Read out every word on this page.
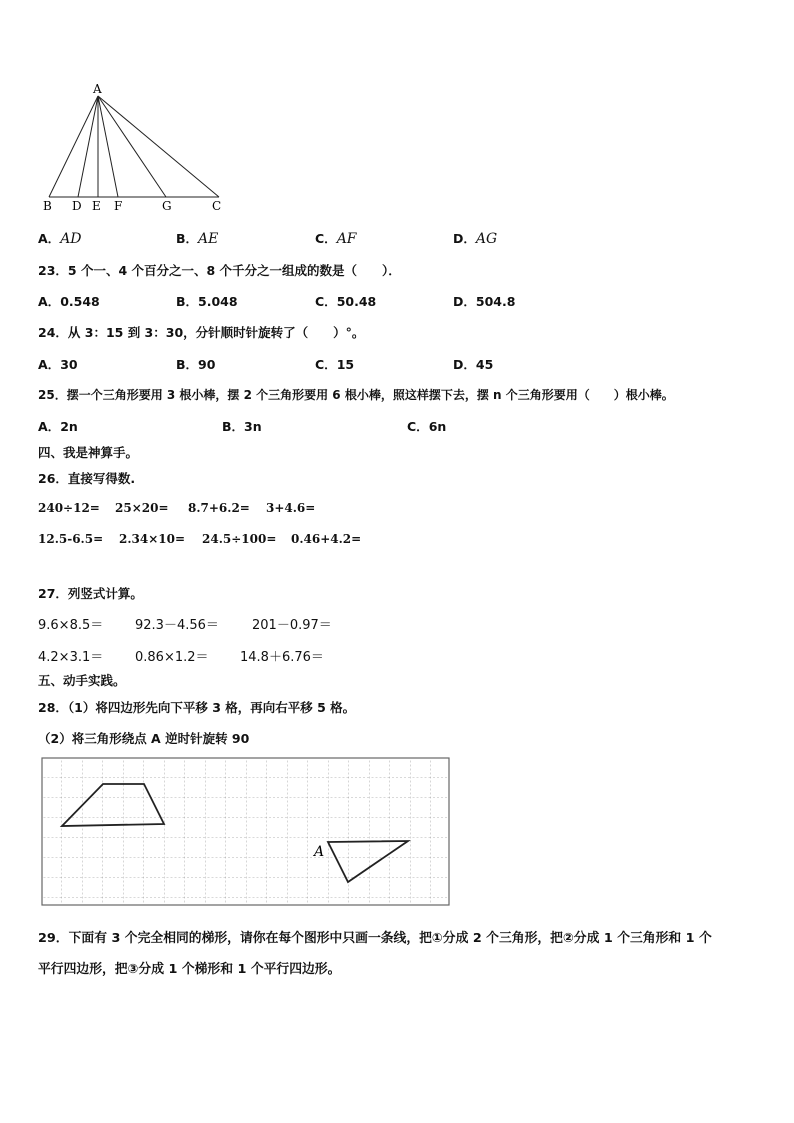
A
B D E F	G	C
A．AD	B．AE	C．AF	D．AG
23．5 个一、4 个百分之一、8 个千分之一组成的数是（　　）．
A．0.548	B．5.048	C．50.48	D．504.8
24．从 3：15 到 3：30，分针顺时针旋转了（　　）°。
A．30	B．90	C．15	D．45
25．摆一个三角形要用 3 根小棒，摆 2 个三角形要用 6 根小棒，照这样摆下去，摆 n 个三角形要用（　　）根小棒。
A．2n	B．3n	C．6n
四、我是神算手。
26．直接写得数.
240÷12= 25×20= 8.7+6.2= 3+4.6=
12.5-6.5= 2.34×10= 24.5÷100= 0.46+4.2=
27．列竖式计算。
9.6×8.5＝ 92.3－4.56＝	201－0.97＝
4.2×3.1＝ 0.86×1.2＝ 14.8＋6.76＝
五、动手实践。
28．（1）将四边形先向下平移 3 格，再向右平移 5 格。
（2）将三角形绕点 A 逆时针旋转 90
A
29．下面有 3 个完全相同的梯形，请你在每个图形中只画一条线，把①分成 2 个三角形，把②分成 1 个三角形和 1 个
平行四边形，把③分成 1 个梯形和 1 个平行四边形。
